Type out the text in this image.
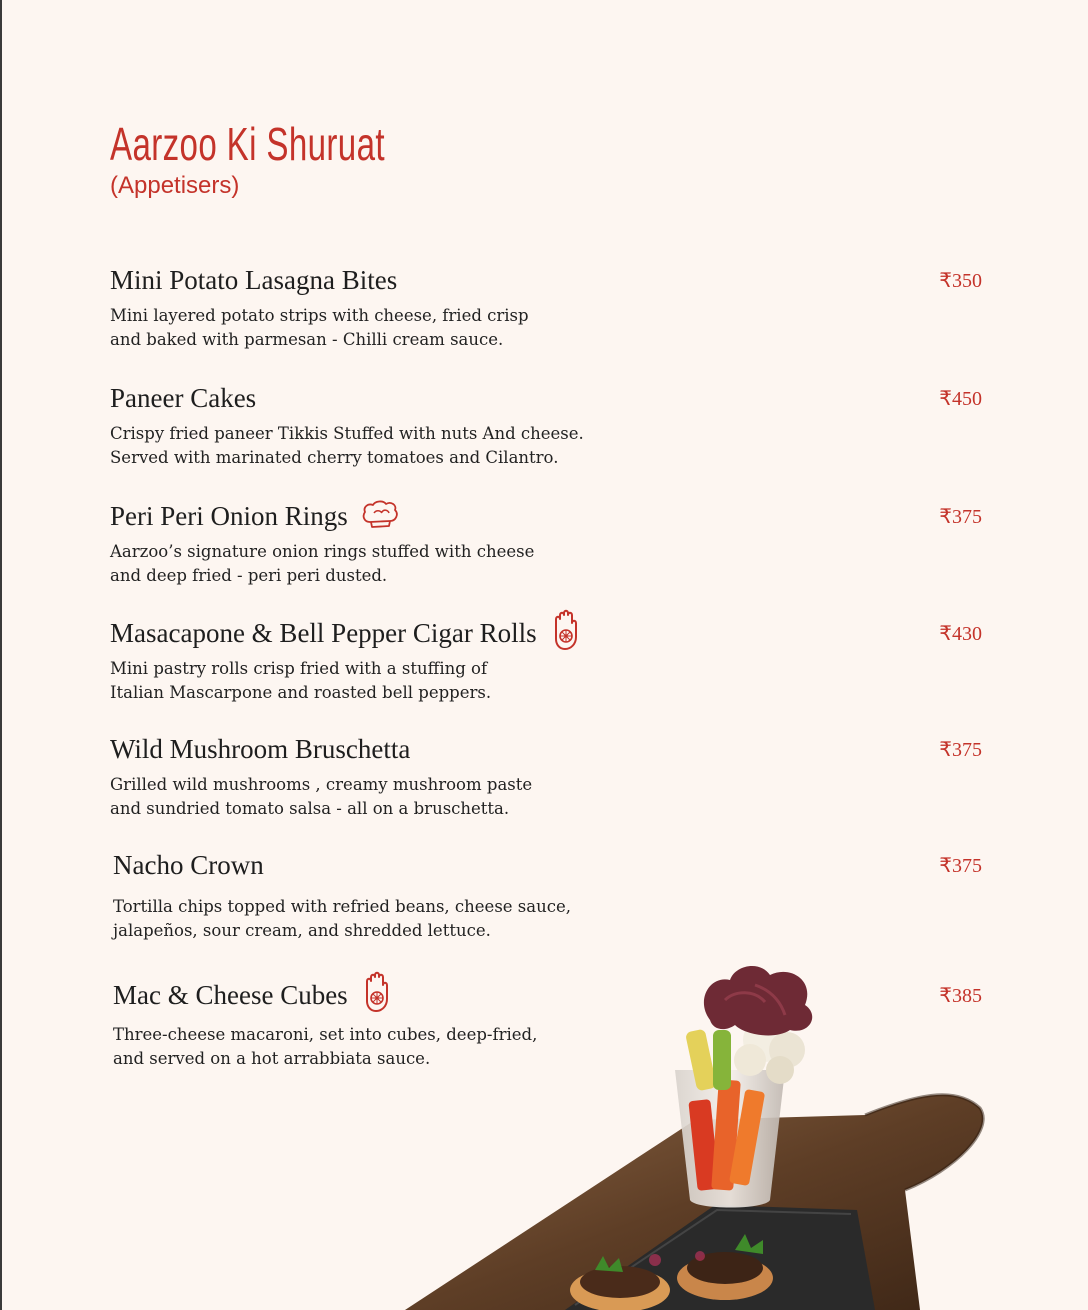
Aarzoo Ki Shuruat
(Appetisers)
Mini Potato Lasagna Bites	₹350
Mini layered potato strips with cheese, fried crisp
and baked with parmesan - Chilli cream sauce.
Paneer Cakes	₹450
Crispy fried paneer Tikkis Stuffed with nuts And cheese.
Served with marinated cherry tomatoes and Cilantro.
Peri Peri Onion Rings	₹375
Aarzoo’s signature onion rings stuffed with cheese
and deep fried - peri peri dusted.
Masacapone & Bell Pepper Cigar Rolls	₹430
Mini pastry rolls crisp fried with a stuffing of
Italian Mascarpone and roasted bell peppers.
Wild Mushroom Bruschetta	₹375
Grilled wild mushrooms , creamy mushroom paste
and sundried tomato salsa - all on a bruschetta.
Nacho Crown	₹375
Tortilla chips topped with refried beans, cheese sauce,
jalapeños, sour cream, and shredded lettuce.
Mac & Cheese Cubes	₹385
Three-cheese macaroni, set into cubes, deep-fried,
and served on a hot arrabbiata sauce.
